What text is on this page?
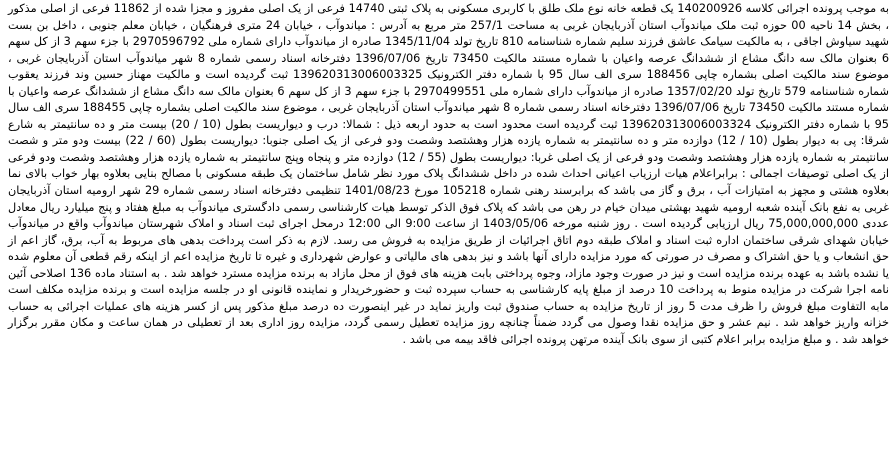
به موجب پرونده اجرائی کلاسه 140200926 یک قطعه خانه نوع ملک طلق با کاربری مسکونی به پلاک ثبتی 14740 فرعی از یک اصلی مفروز و مجزا شده از 11862 فرعی از اصلی مذکور ، بخش 14 ناحیه 00 حوزه ثبت ملک میاندوآب استان آذربایجان غربی به مساحت 257/1 متر مربع به آدرس : میاندوآب ، خیابان 24 متری فرهنگیان ، خیابان معلم جنوبی ، داخل بن بست شهید سیاوش اجاقی ، به مالکیت سیامک عاشق فرزند سلیم شماره شناسنامه 810 تاریخ تولد 1345/11/04 صادره از میاندوآب دارای شماره ملی 2970596792 با جزء سهم 3 از کل سهم 6 بعنوان مالک سه دانگ مشاع از ششدانگ عرصه واعیان با شماره مستند مالکیت 73450 تاریخ 1396/07/06 دفترخانه اسناد رسمی شماره 8 شهر میاندوآب استان آذربایجان غربی ، موضوع سند مالکیت اصلی بشماره چاپی 188456 سری الف سال 95 با شماره دفتر الکترونیک 139620313006003325 ثبت گردیده است و مالکیت مهناز حسین وند فرزند یعقوب شماره شناسنامه 579 تاریخ تولد 1357/02/20 صادره از میاندوآب دارای شماره ملی 2970499551 با جزء سهم 3 از کل سهم 6 بعنوان مالک سه دانگ مشاع از ششدانگ عرصه واعیان با شماره مستند مالکیت 73450 تاریخ 1396/07/06 دفترخانه اسناد رسمی شماره 8 شهر میاندوآب استان آذربایجان غربی ، موضوع سند مالکیت اصلی بشماره چاپی 188455 سری الف سال 95 با شماره دفتر الکترونیک 139620313006003324 ثبت گردیده است محدود است به حدود اربعه ذیل : شمالا: درب و دیواریست بطول (10 / 20) بیست متر و ده سانتیمتر به شارع شرقا: پی به دیوار بطول (10 / 12) دوازده متر و ده سانتیمتر به شماره یازده هزار وهشتصد وشصت ودو فرعی از یک اصلی جنوبا: دیواریست بطول (60 / 22) بیست ودو متر و شصت سانتیمتر به شماره یازده هزار وهشتصد وشصت ودو فرعی از یک اصلی غربا: دیواریست بطول (55 / 12) دوازده متر و پنجاه وپنج سانتیمتر به شماره یازده هزار وهشتصد وشصت ودو فرعی از یک اصلی توصیفات اجمالی : برابراعلام هیات ارزیاب اعیانی احداث شده در داخل ششدانگ پلاک مورد نظر شامل ساختمان یک طبقه مسکونی با مصالح بنایی بعلاوه بهار خواب بالای نما بعلاوه هشتی و مجهز به امتیازات آب ، برق و گاز می باشد که برابرسند رهنی شماره 105218 مورخ 1401/08/23 تنظیمی دفترخانه اسناد رسمی شماره 29 شهر ارومیه استان آذربایجان غربی به نفع بانک آینده شعبه ارومیه شهید بهشتی میدان خیام در رهن می باشد که پلاک فوق الذکر توسط هیات کارشناسی رسمی دادگستری میاندوآب به مبلغ هفتاد و پنج میلیارد ریال معادل عددی 75,000,000,000 ریال ارزیابی گردیده است . روز شنبه مورخه 1403/05/06 از ساعت 9:00 الی 12:00 درمحل اجرای ثبت اسناد و املاک شهرستان میاندوآب واقع در میاندوآب خیابان شهدای شرقی ساختمان اداره ثبت اسناد و املاک طبقه دوم اتاق اجرائیات از طریق مزایده به فروش می رسد. لازم به ذکر است پرداخت بدهی های مربوط به آب، برق، گاز اعم از حق انشعاب و یا حق اشتراک و مصرف در صورتی که مورد مزایده دارای آنها باشد و نیز بدهی های مالیاتی و عوارض شهرداری و غیره تا تاریخ مزایده اعم از اینکه رقم قطعی آن معلوم شده یا نشده باشد به عهده برنده مزایده است و نیز در صورت وجود مازاد، وجوه پرداختی بابت هزینه های فوق از محل مازاد به برنده مزایده مسترد خواهد شد . به استناد ماده 136 اصلاحی آئین نامه اجرا شرکت در مزایده منوط به پرداخت 10 درصد از مبلغ پایه کارشناسی به حساب سپرده ثبت و حضورخریدار و نماینده قانونی او در جلسه مزایده است و برنده مزایده مکلف است مابه التفاوت مبلغ فروش را ظرف مدت 5 روز از تاریخ مزایده به حساب صندوق ثبت واریز نماید در غیر اینصورت ده درصد مبلغ مذکور پس از کسر هزینه های عملیات اجرائی به حساب خزانه واریز خواهد شد . نیم عشر و حق مزایده نقدا وصول می گردد ضمناً چنانچه روز مزایده تعطیل رسمی گردد، مزایده روز اداری بعد از تعطیلی در همان ساعت و مکان مقرر برگزار خواهد شد . و مبلغ مزایده برابر اعلام کتبی از سوی بانک آینده مرتهن پرونده اجرائی فاقد بیمه می باشد .
